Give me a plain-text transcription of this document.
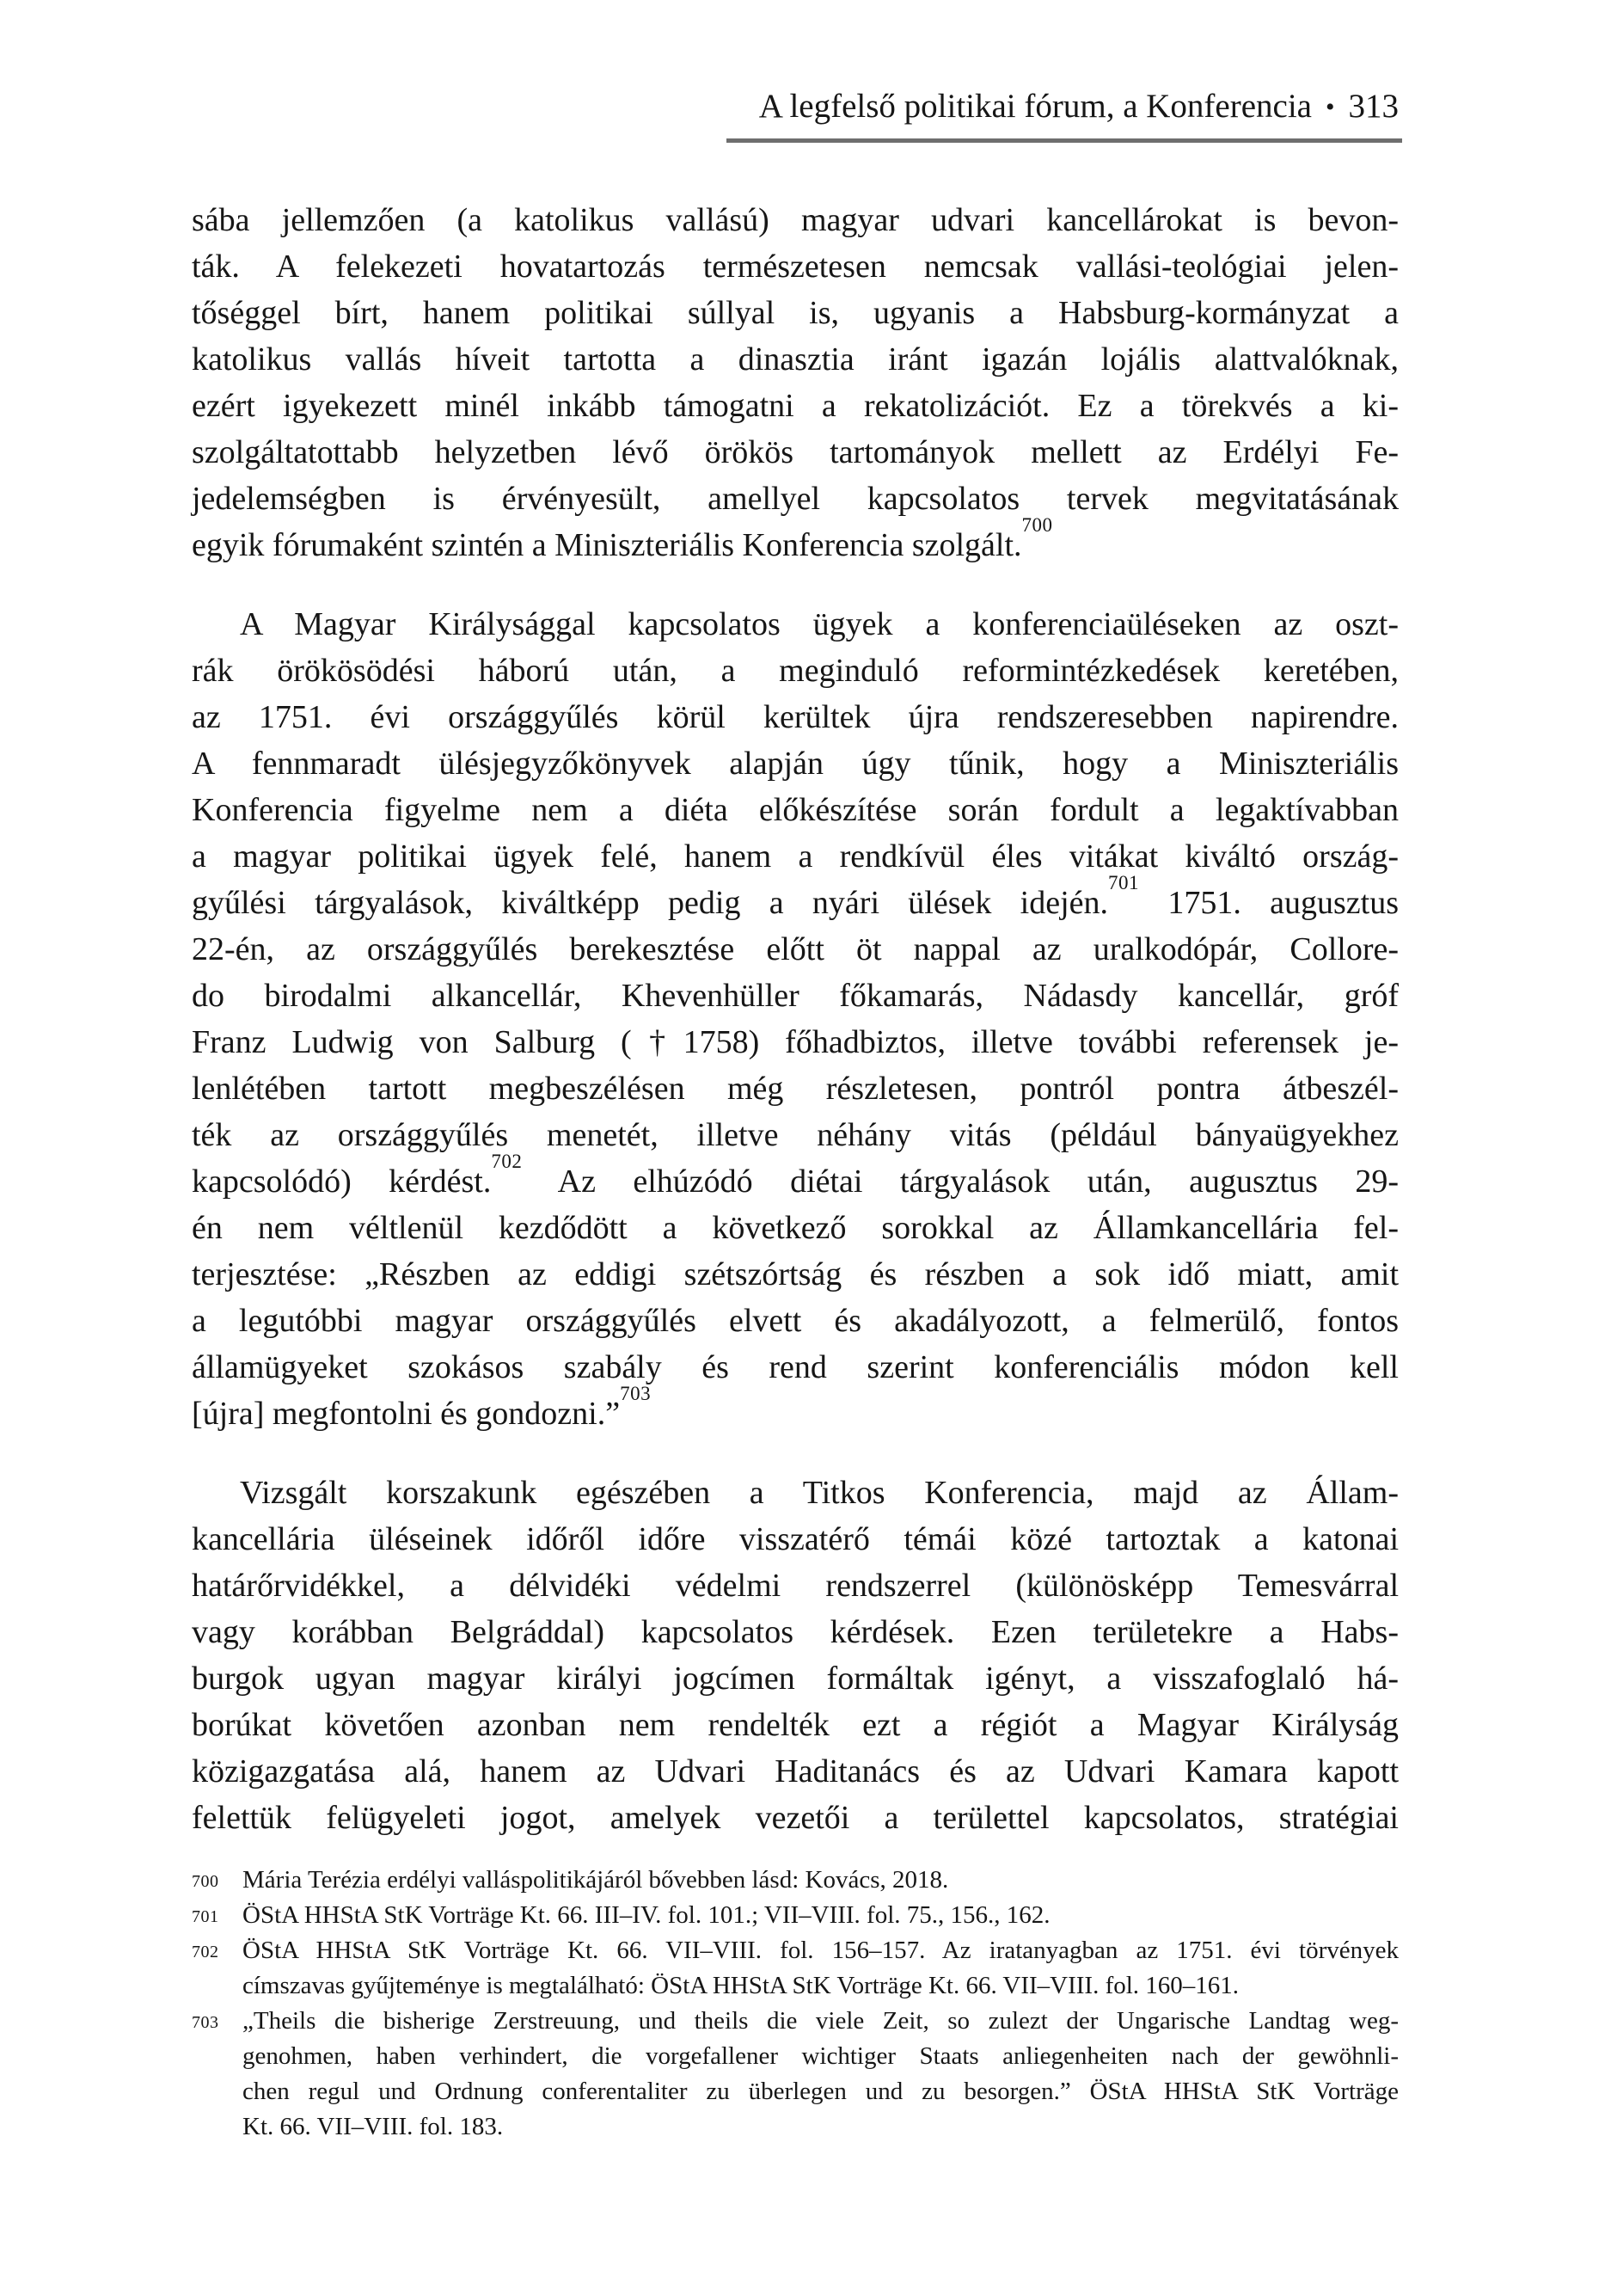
A legfelső politikai fórum, a Konferencia • 313

sába jellemzően (a katolikus vallású) magyar udvari kancellárokat is bevon-
ták. A felekezeti hovatartozás természetesen nemcsak vallási-teológiai jelen-
tőséggel bírt, hanem politikai súllyal is, ugyanis a Habsburg-kormányzat a
katolikus vallás híveit tartotta a dinasztia iránt igazán lojális alattvalóknak,
ezért igyekezett minél inkább támogatni a rekatolizációt. Ez a törekvés a ki-
szolgáltatottabb helyzetben lévő örökös tartományok mellett az Erdélyi Fe-
jedelemségben is érvényesült, amellyel kapcsolatos tervek megvitatásának
egyik fórumaként szintén a Miniszteriális Konferencia szolgált.$^{700}$

A Magyar Királysággal kapcsolatos ügyek a konferenciaüléseken az oszt-
rák örökösödési háború után, a meginduló reformintézkedések keretében,
az 1751. évi országgyűlés körül kerültek újra rendszeresebben napirendre.
A fennmaradt ülésjegyzőkönyvek alapján úgy tűnik, hogy a Miniszteriális
Konferencia figyelme nem a diéta előkészítése során fordult a legaktívabban
a magyar politikai ügyek felé, hanem a rendkívül éles vitákat kiváltó ország-
gyűlési tárgyalások, kiváltképp pedig a nyári ülések idején.$^{701}$ 1751. augusztus
22-én, az országgyűlés berekesztése előtt öt nappal az uralkodópár, Collore-
do birodalmi alkancellár, Khevenhüller főkamarás, Nádasdy kancellár, gróf
Franz Ludwig von Salburg (†1758) főhadbiztos, illetve további referensek je-
lenlétében tartott megbeszélésen még részletesen, pontról pontra átbeszél-
ték az országgyűlés menetét, illetve néhány vitás (például bányaügyekhez
kapcsolódó) kérdést.$^{702}$ Az elhúzódó diétai tárgyalások után, augusztus 29-
én nem véltlenül kezdődött a következő sorokkal az Államkancellária fel-
terjesztése: „Részben az eddigi szétszórtság és részben a sok idő miatt, amit
a legutóbbi magyar országgyűlés elvett és akadályozott, a felmerülő, fontos
államügyeket szokásos szabály és rend szerint konferenciális módon kell
[újra] megfontolni és gondozni.”$^{703}$

Vizsgált korszakunk egészében a Titkos Konferencia, majd az Állam-
kancellária üléseinek időről időre visszatérő témái közé tartoztak a katonai
határőrvidékkel, a délvidéki védelmi rendszerrel (különösképp Temesvárral
vagy korábban Belgráddal) kapcsolatos kérdések. Ezen területekre a Habs-
burgok ugyan magyar királyi jogcímen formáltak igényt, a visszafoglaló há-
borúkat követően azonban nem rendelték ezt a régiót a Magyar Királyság
közigazgatása alá, hanem az Udvari Haditanács és az Udvari Kamara kapott
felettük felügyeleti jogot, amelyek vezetői a területtel kapcsolatos, stratégiai

700 Mária Terézia erdélyi valláspolitikájáról bővebben lásd: Kovács, 2018.
701 ÖStA HHStA StK Vorträge Kt. 66. III–IV. fol. 101.; VII–VIII. fol. 75., 156., 162.
702 ÖStA HHStA StK Vorträge Kt. 66. VII–VIII. fol. 156–157. Az iratanyagban az 1751. évi törvények
címszavas gyűjteménye is megtalálható: ÖStA HHStA StK Vorträge Kt. 66. VII–VIII. fol. 160–161.
703 „Theils die bisherige Zerstreuung, und theils die viele Zeit, so zulezt der Ungarische Landtag weg-
genohmen, haben verhindert, die vorgefallener wichtiger Staats anliegenheiten nach der gewöhnli-
chen regul und Ordnung conferentaliter zu überlegen und zu besorgen.” ÖStA HHStA StK Vorträge
Kt. 66. VII–VIII. fol. 183.
